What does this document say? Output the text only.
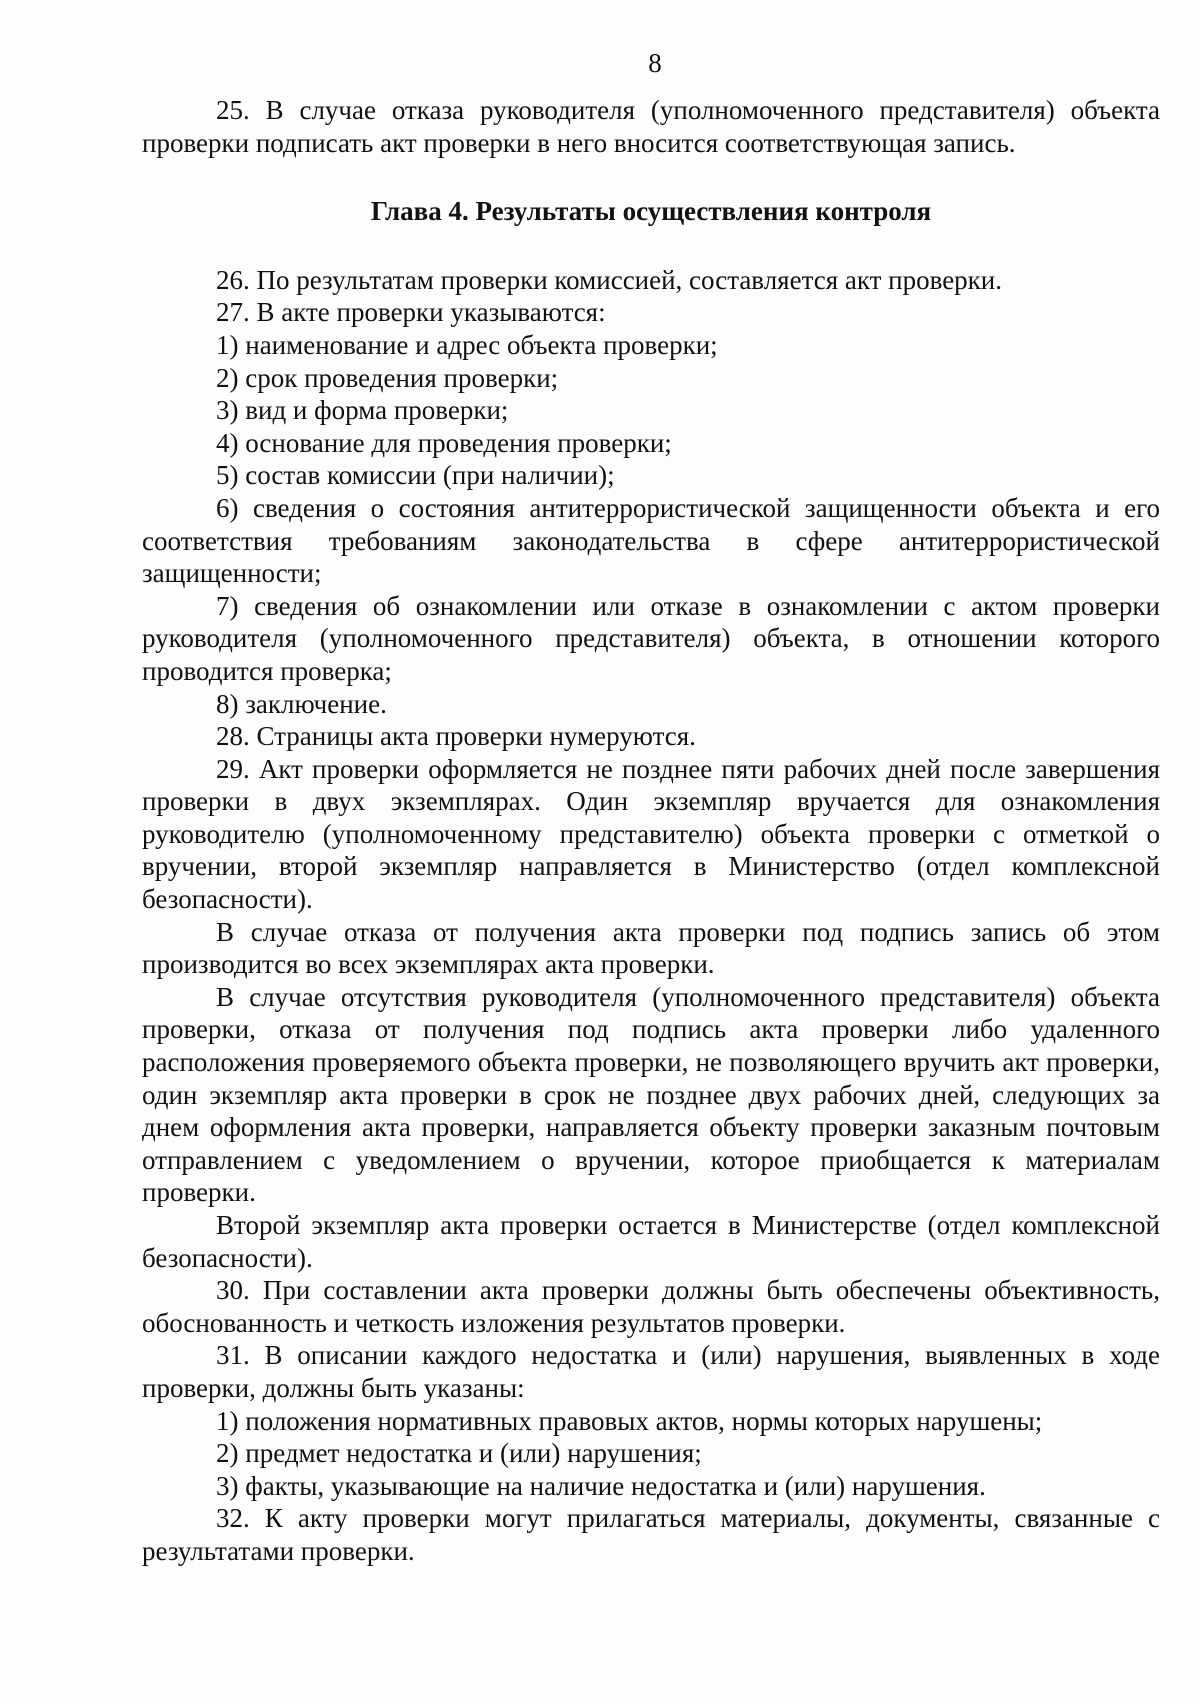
8

25. В случае отказа руководителя (уполномоченного представителя) объекта проверки подписать акт проверки в него вносится соответствующая запись.

Глава 4. Результаты осуществления контроля

26. По результатам проверки комиссией, составляется акт проверки.

27. В акте проверки указываются:

1) наименование и адрес объекта проверки;

2) срок проведения проверки;

3) вид и форма проверки;

4) основание для проведения проверки;

5) состав комиссии (при наличии);

6) сведения о состояния антитеррористической защищенности объекта и его соответствия требованиям законодательства в сфере антитеррористической защищенности;

7) сведения об ознакомлении или отказе в ознакомлении с актом проверки руководителя (уполномоченного представителя) объекта, в отношении которого проводится проверка;

8) заключение.

28. Страницы акта проверки нумеруются.

29. Акт проверки оформляется не позднее пяти рабочих дней после завершения проверки в двух экземплярах. Один экземпляр вручается для ознакомления руководителю (уполномоченному представителю) объекта проверки с отметкой о вручении, второй экземпляр направляется в Министерство (отдел комплексной безопасности).

В случае отказа от получения акта проверки под подпись запись об этом производится во всех экземплярах акта проверки.

В случае отсутствия руководителя (уполномоченного представителя) объекта проверки, отказа от получения под подпись акта проверки либо удаленного расположения проверяемого объекта проверки, не позволяющего вручить акт проверки, один экземпляр акта проверки в срок не позднее двух рабочих дней, следующих за днем оформления акта проверки, направляется объекту проверки заказным почтовым отправлением с уведомлением о вручении, которое приобщается к материалам проверки.

Второй экземпляр акта проверки остается в Министерстве (отдел комплексной безопасности).

30. При составлении акта проверки должны быть обеспечены объективность, обоснованность и четкость изложения результатов проверки.

31. В описании каждого недостатка и (или) нарушения, выявленных в ходе проверки, должны быть указаны:

1) положения нормативных правовых актов, нормы которых нарушены;

2) предмет недостатка и (или) нарушения;

3) факты, указывающие на наличие недостатка и (или) нарушения.

32. К акту проверки могут прилагаться материалы, документы, связанные с результатами проверки.
